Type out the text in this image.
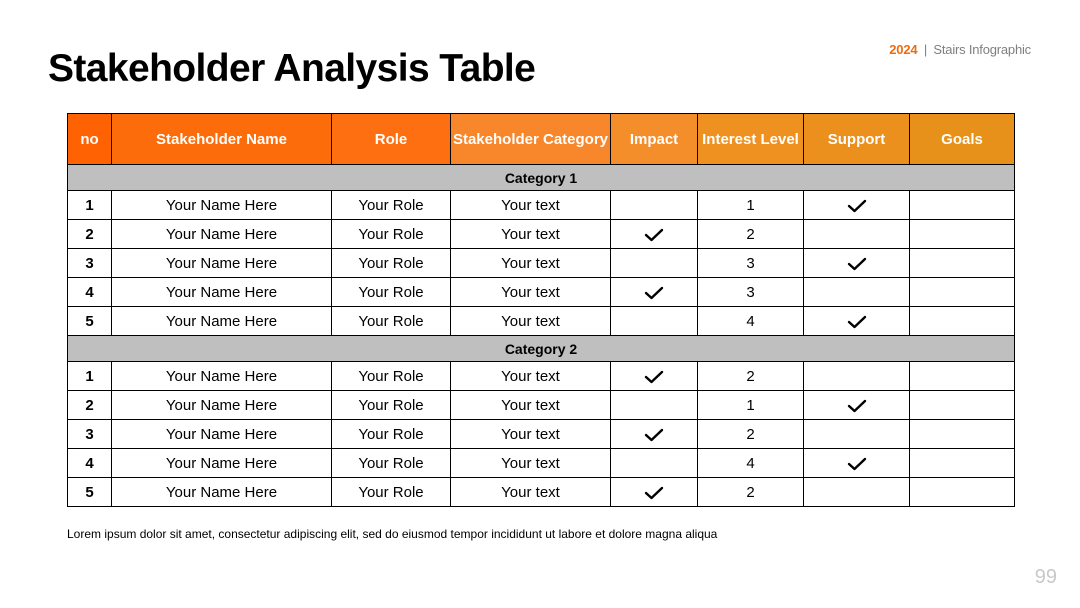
2024 | Stairs Infographic
Stakeholder Analysis Table
no	Stakeholder Name	Role	Stakeholder Category	Impact	Interest Level	Support	Goals
Category 1							
1	Your Name Here	Your Role	Your text		1		
2	Your Name Here	Your Role	Your text		2		
3	Your Name Here	Your Role	Your text		3		
4	Your Name Here	Your Role	Your text		3		
5	Your Name Here	Your Role	Your text		4		
Category 2							
1	Your Name Here	Your Role	Your text		2		
2	Your Name Here	Your Role	Your text		1		
3	Your Name Here	Your Role	Your text		2		
4	Your Name Here	Your Role	Your text		4		
5	Your Name Here	Your Role	Your text		2		
Lorem ipsum dolor sit amet, consectetur adipiscing elit, sed do eiusmod tempor incididunt ut labore et dolore magna aliqua
99
